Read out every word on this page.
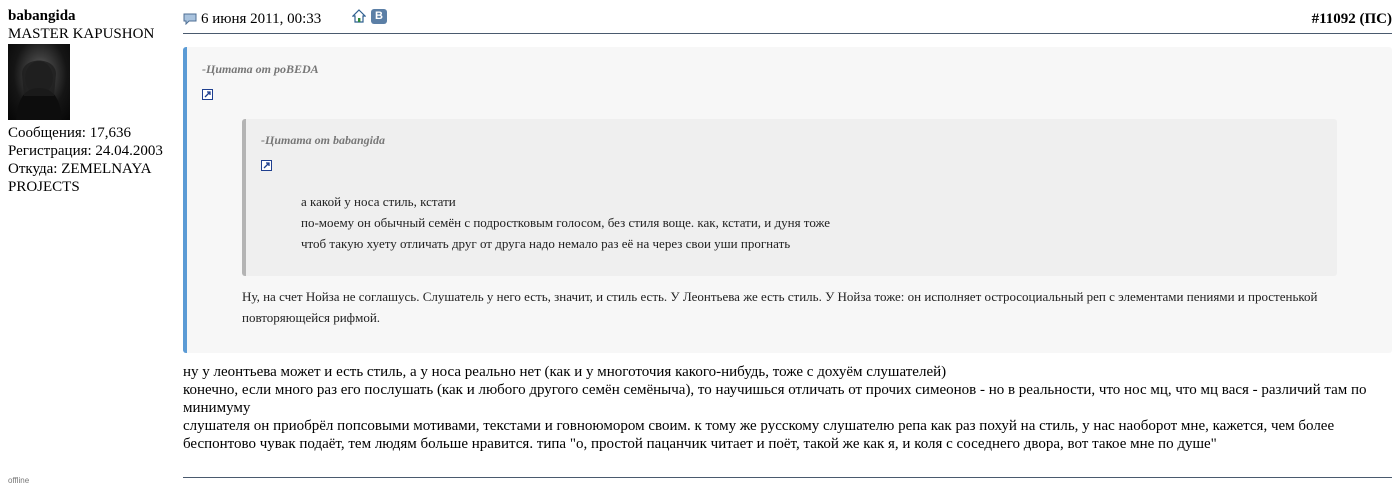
babangida
MASTER KAPUSHON
Сообщения: 17,636
Регистрация: 24.04.2003
Откуда: ZEMELNAYA PROJECTS
offline
6 июня 2011, 00:33	В	#11092 (ПС)
-Цитата от poBEDA
-Цитата от babangida
а какой у носа стиль, кстати
по-моему он обычный семён с подростковым голосом, без стиля воще. как, кстати, и дуня тоже
чтоб такую хуету отличать друг от друга надо немало раз её на через свои уши прогнать
Ну, на счет Нойза не соглашусь. Слушатель у него есть, значит, и стиль есть. У Леонтьева же есть стиль. У Нойза тоже: он исполняет остросоциальный реп с элементами пениями и простенькой повторяющейся рифмой.

ну у леонтьева может и есть стиль, а у носа реально нет (как и у многоточия какого-нибудь, тоже с дохуём слушателей)

конечно, если много раз его послушать (как и любого другого семён семёныча), то научишься отличать от прочих симеонов - но в реальности, что нос мц, что мц вася - различий там по минимуму

слушателя он приобрёл попсовыми мотивами, текстами и говноюмором своим. к тому же русскому слушателю репа как раз похуй на стиль, у нас наоборот мне, кажется, чем более беспонтово чувак подаёт, тем людям больше нравится. типа "о, простой пацанчик читает и поёт, такой же как я, и коля с соседнего двора, вот такое мне по душе"
